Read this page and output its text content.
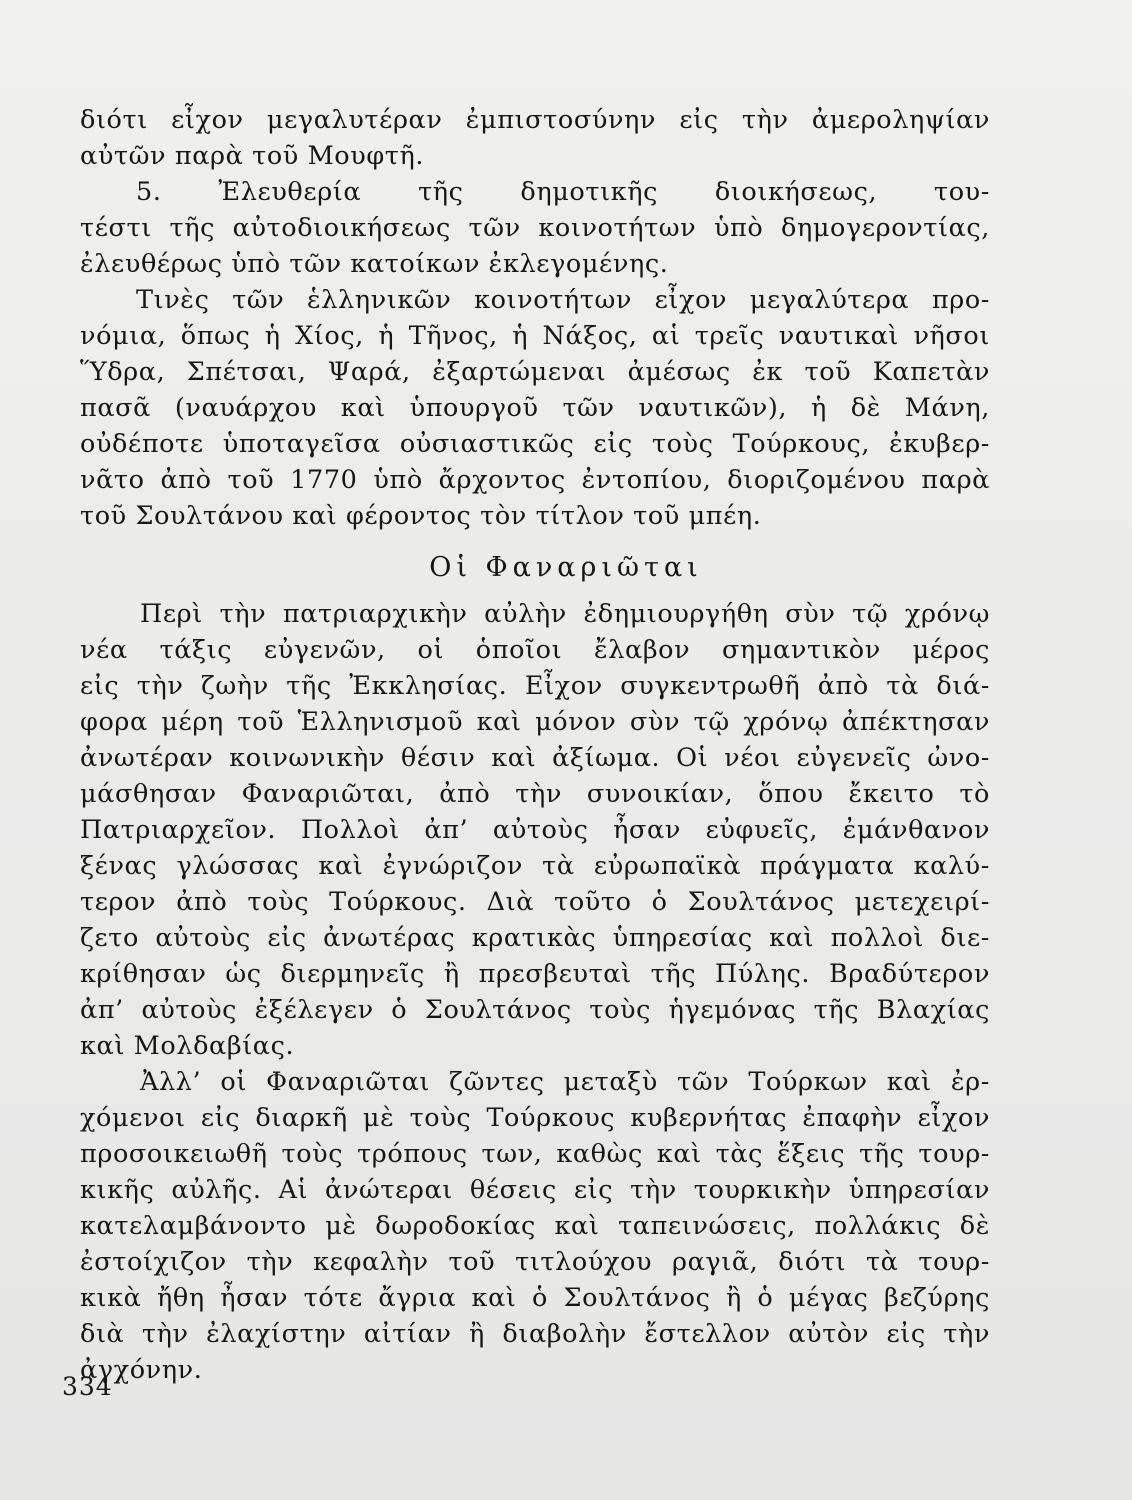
διότι εἶχον μεγαλυτέραν ἐμπιστοσύνην εἰς τὴν ἀμεροληψίαν
αὐτῶν παρὰ τοῦ Μουφτῆ.
5. Ἐλευθερία τῆς δημοτικῆς διοικήσεως, του-
τέστι τῆς αὐτοδιοικήσεως τῶν κοινοτήτων ὑπὸ δημογεροντίας,
ἐλευθέρως ὑπὸ τῶν κατοίκων ἐκλεγομένης.
Τινὲς τῶν ἑλληνικῶν κοινοτήτων εἶχον μεγαλύτερα προ-
νόμια, ὅπως ἡ Χίος, ἡ Τῆνος, ἡ Νάξος, αἱ τρεῖς ναυτικαὶ νῆσοι
Ὕδρα, Σπέτσαι, Ψαρά, ἐξαρτώμεναι ἀμέσως ἐκ τοῦ Καπετὰν
πασᾶ (ναυάρχου καὶ ὑπουργοῦ τῶν ναυτικῶν), ἡ δὲ Μάνη,
οὐδέποτε ὑποταγεῖσα οὐσιαστικῶς εἰς τοὺς Τούρκους, ἐκυβερ-
νᾶτο ἀπὸ τοῦ 1770 ὑπὸ ἄρχοντος ἐντοπίου, διοριζομένου παρὰ
τοῦ Σουλτάνου καὶ φέροντος τὸν τίτλον τοῦ μπέη.
Οἱ Φαναριῶται
Περὶ τὴν πατριαρχικὴν αὐλὴν ἐδημιουργήθη σὺν τῷ χρόνῳ
νέα τάξις εὐγενῶν, οἱ ὁποῖοι ἔλαβον σημαντικὸν μέρος
εἰς τὴν ζωὴν τῆς Ἐκκλησίας. Εἶχον συγκεντρωθῆ ἀπὸ τὰ διά-
φορα μέρη τοῦ Ἑλληνισμοῦ καὶ μόνον σὺν τῷ χρόνῳ ἀπέκτησαν
ἀνωτέραν κοινωνικὴν θέσιν καὶ ἀξίωμα. Οἱ νέοι εὐγενεῖς ὠνο-
μάσθησαν Φαναριῶται, ἀπὸ τὴν συνοικίαν, ὅπου ἔκειτο τὸ
Πατριαρχεῖον. Πολλοὶ ἀπ’ αὐτοὺς ἦσαν εὐφυεῖς, ἐμάνθανον
ξένας γλώσσας καὶ ἐγνώριζον τὰ εὐρωπαϊκὰ πράγματα καλύ-
τερον ἀπὸ τοὺς Τούρκους. Διὰ τοῦτο ὁ Σουλτάνος μετεχειρί-
ζετο αὐτοὺς εἰς ἀνωτέρας κρατικὰς ὑπηρεσίας καὶ πολλοὶ διε-
κρίθησαν ὡς διερμηνεῖς ἢ πρεσβευταὶ τῆς Πύλης. Βραδύτερον
ἀπ’ αὐτοὺς ἐξέλεγεν ὁ Σουλτάνος τοὺς ἡγεμόνας τῆς Βλαχίας
καὶ Μολδαβίας.
Ἀλλ’ οἱ Φαναριῶται ζῶντες μεταξὺ τῶν Τούρκων καὶ ἐρ-
χόμενοι εἰς διαρκῆ μὲ τοὺς Τούρκους κυβερνήτας ἐπαφὴν εἶχον
προσοικειωθῆ τοὺς τρόπους των, καθὼς καὶ τὰς ἕξεις τῆς τουρ-
κικῆς αὐλῆς. Αἱ ἀνώτεραι θέσεις εἰς τὴν τουρκικὴν ὑπηρεσίαν
κατελαμβάνοντο μὲ δωροδοκίας καὶ ταπεινώσεις, πολλάκις δὲ
ἐστοίχιζον τὴν κεφαλὴν τοῦ τιτλούχου ραγιᾶ, διότι τὰ τουρ-
κικὰ ἤθη ἦσαν τότε ἄγρια καὶ ὁ Σουλτάνος ἢ ὁ μέγας βεζύρης
διὰ τὴν ἐλαχίστην αἰτίαν ἢ διαβολὴν ἔστελλον αὐτὸν εἰς τὴν
ἀγχόνην.
334
